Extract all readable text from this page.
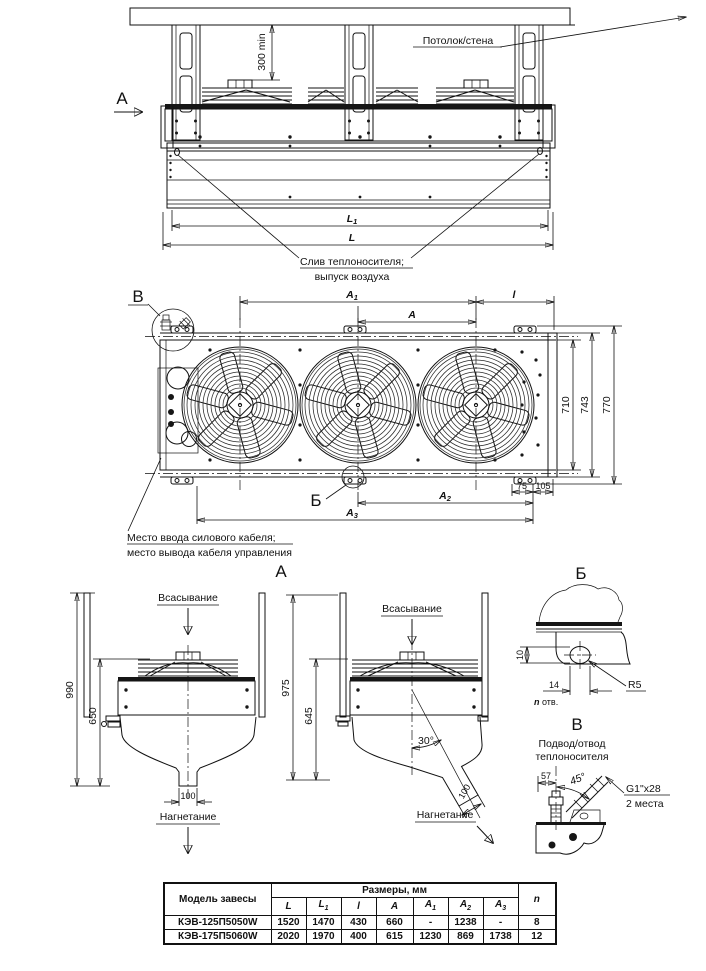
Потолок/стена
Слив теплоносителя;
выпуск воздуха
L1
L
300 min
А
В
Б
А1
А
l
710 743 770
75 105
А2
А3
Место ввода силового кабеля;
место вывода кабеля управления
А
Всасывание
100
Нагнетание
990
650
30°
Всасывание
100
Нагнетание
975
645
Б
10
14
n отв.
R5
В
Подвод/отвод
теплоносителя
45°
57
G1"х28
2 места
Модель завесы	Размеры, мм							n
	L	$L_1$	l	А	$А_1$	$А_2$	$А_3$
КЭВ-125П5050W	1520	1470	430	660	-	1238	-	8
КЭВ-175П5060W	2020	1970	400	615	1230	869	1738	12
